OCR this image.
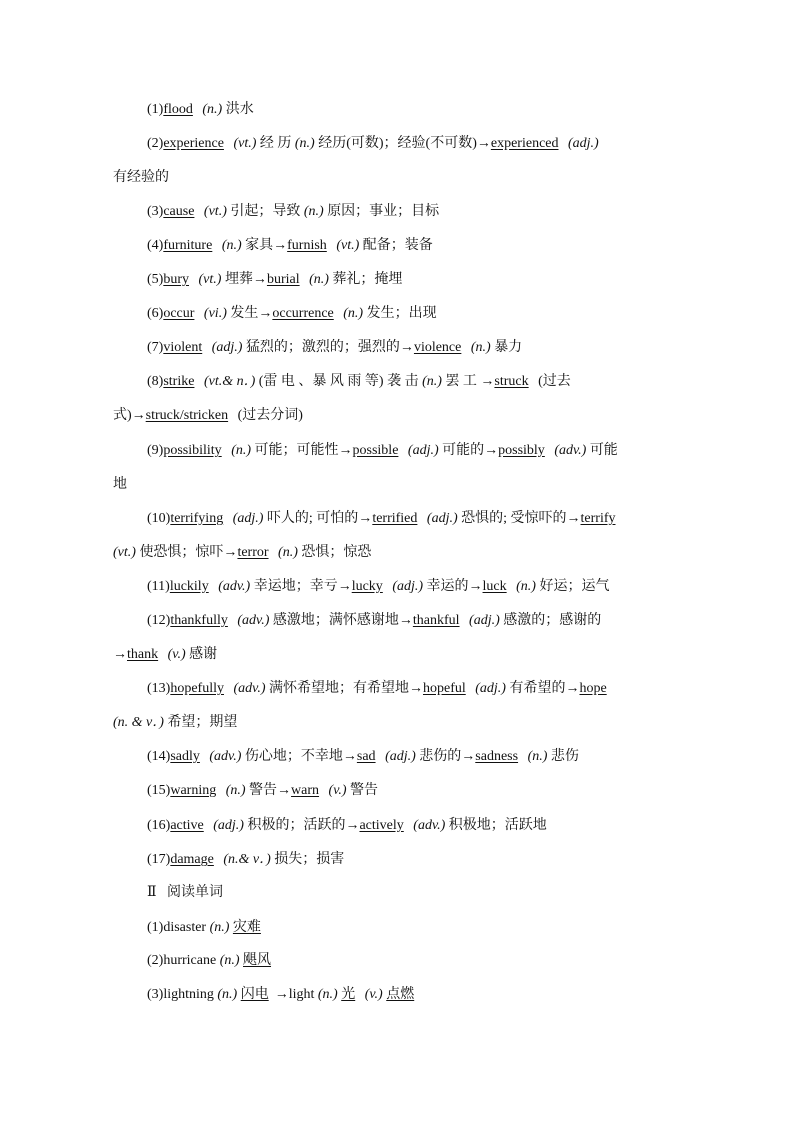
(1)flood (n.) 洪水
(2)experience (vt.) 经 历 (n.) 经历(可数)；经验(不可数)→experienced (adj.)
有经验的
(3)cause (vt.) 引起；导致 (n.) 原因；事业；目标
(4)furniture (n.) 家具→furnish (vt.) 配备；装备
(5)bury (vt.) 埋葬→burial (n.) 葬礼；掩埋
(6)occur (vi.) 发生→occurrence (n.) 发生；出现
(7)violent (adj.) 猛烈的；激烈的；强烈的→violence (n.) 暴力
(8)strike (vt.& n．) (雷 电 、暴 风 雨 等) 袭 击 (n.) 罢 工 →struck (过去
式)→struck/stricken (过去分词)
(9)possibility (n.) 可能；可能性→possible (adj.) 可能的→possibly (adv.) 可能
地
(10)terrifying (adj.) 吓人的; 可怕的→terrified (adj.) 恐惧的; 受惊吓的→terrify
(vt.) 使恐惧；惊吓→terror (n.) 恐惧；惊恐
(11)luckily (adv.) 幸运地；幸亏→lucky (adj.) 幸运的→luck (n.) 好运；运气
(12)thankfully (adv.) 感激地；满怀感谢地→thankful (adj.) 感激的；感谢的
→thank (v.) 感谢
(13)hopefully (adv.) 满怀希望地；有希望地→hopeful (adj.) 有希望的→hope
(n. & v．) 希望；期望
(14)sadly (adv.) 伤心地；不幸地→sad (adj.) 悲伤的→sadness (n.) 悲伤
(15)warning (n.) 警告→warn (v.) 警告
(16)active (adj.) 积极的；活跃的→actively (adv.) 积极地；活跃地
(17)damage (n.& v．) 损失；损害
Ⅱ 阅读单词
(1)disaster (n.) 灾难
(2)hurricane (n.) 飓风
(3)lightning (n.) 闪电 →light (n.) 光 (v.) 点燃
